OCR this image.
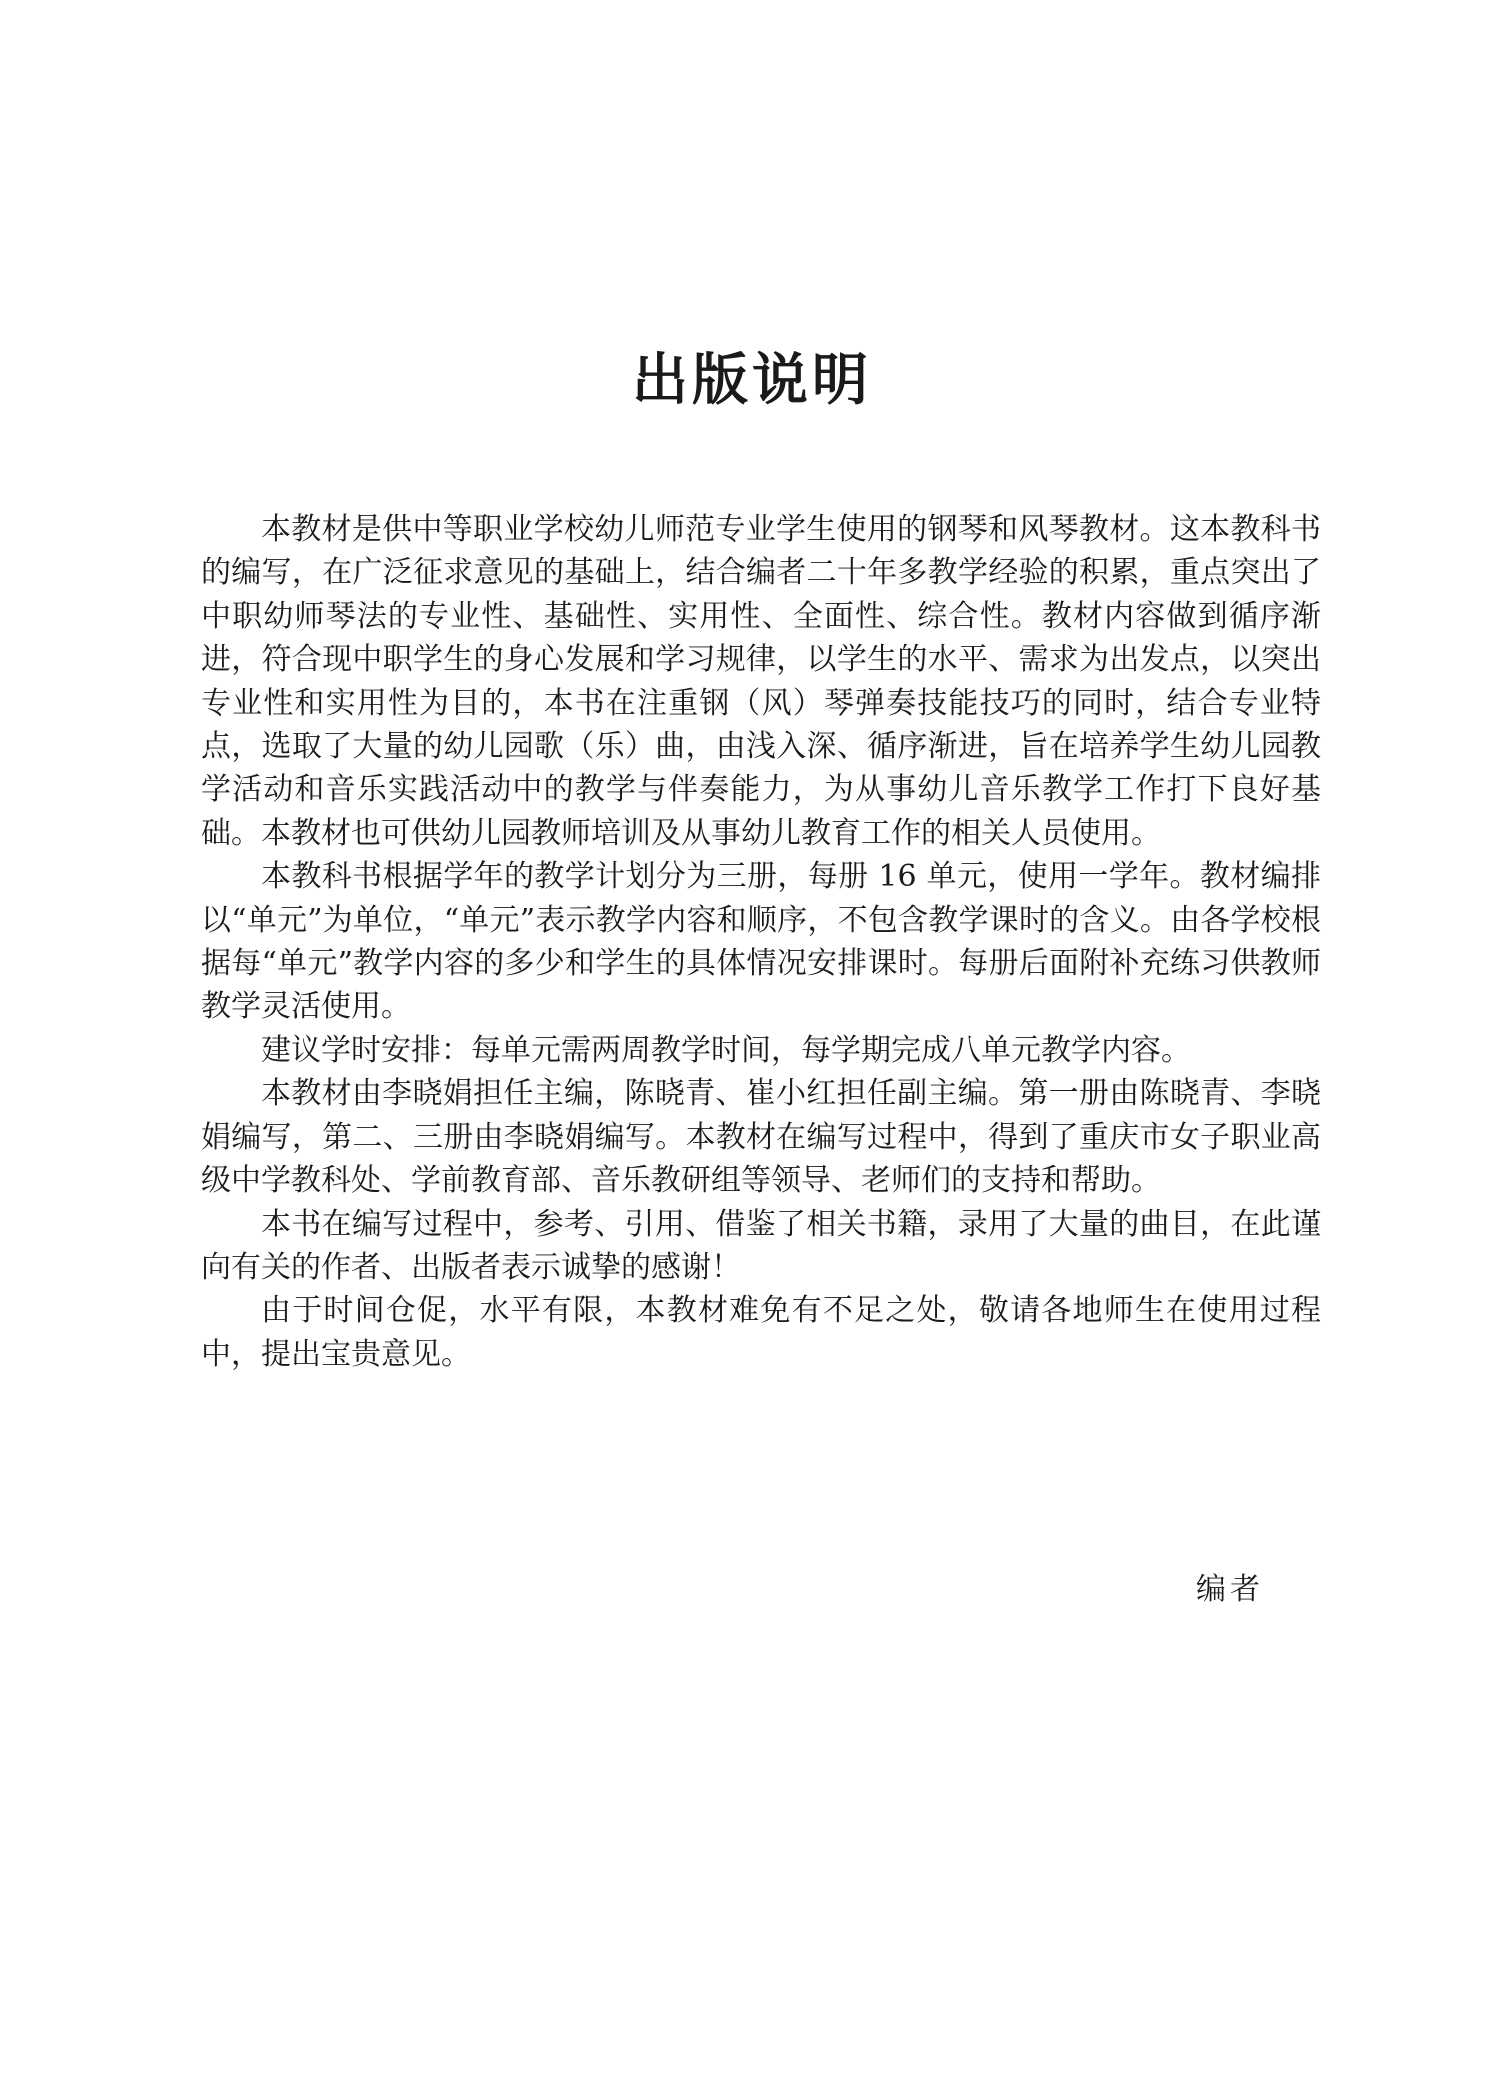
出版说明

本教材是供中等职业学校幼儿师范专业学生使用的钢琴和风琴教材。这本教科书的编写，在广泛征求意见的基础上，结合编者二十年多教学经验的积累，重点突出了中职幼师琴法的专业性、基础性、实用性、全面性、综合性。教材内容做到循序渐进，符合现中职学生的身心发展和学习规律，以学生的水平、需求为出发点，以突出专业性和实用性为目的，本书在注重钢（风）琴弹奏技能技巧的同时，结合专业特点，选取了大量的幼儿园歌（乐）曲，由浅入深、循序渐进，旨在培养学生幼儿园教学活动和音乐实践活动中的教学与伴奏能力，为从事幼儿音乐教学工作打下良好基础。本教材也可供幼儿园教师培训及从事幼儿教育工作的相关人员使用。

本教科书根据学年的教学计划分为三册，每册 16 单元，使用一学年。教材编排以“单元”为单位，“单元”表示教学内容和顺序，不包含教学课时的含义。由各学校根据每“单元”教学内容的多少和学生的具体情况安排课时。每册后面附补充练习供教师教学灵活使用。

建议学时安排：每单元需两周教学时间，每学期完成八单元教学内容。

本教材由李晓娟担任主编，陈晓青、崔小红担任副主编。第一册由陈晓青、李晓娟编写，第二、三册由李晓娟编写。本教材在编写过程中，得到了重庆市女子职业高级中学教科处、学前教育部、音乐教研组等领导、老师们的支持和帮助。

本书在编写过程中，参考、引用、借鉴了相关书籍，录用了大量的曲目，在此谨向有关的作者、出版者表示诚挚的感谢！

由于时间仓促，水平有限，本教材难免有不足之处，敬请各地师生在使用过程中，提出宝贵意见。

编者
